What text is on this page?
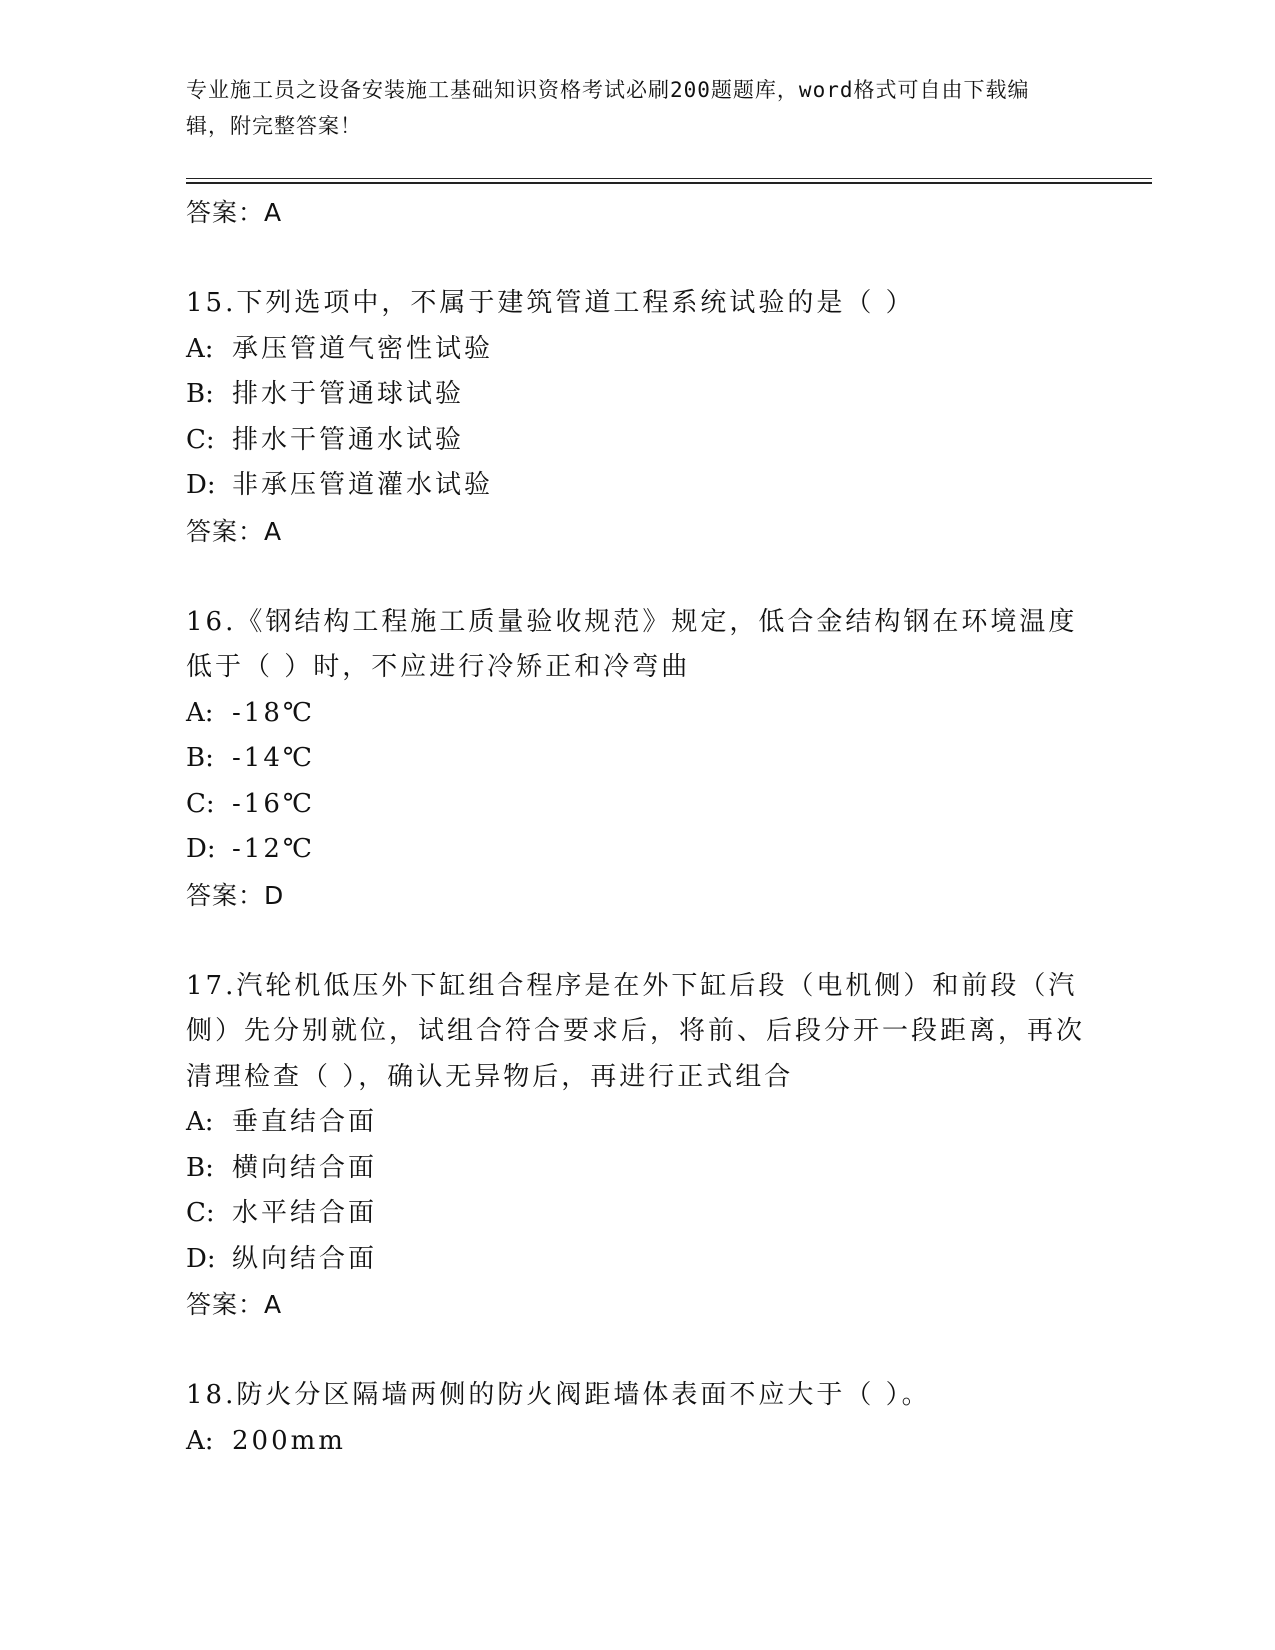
专业施工员之设备安装施工基础知识资格考试必刷200题题库，word格式可自由下载编辑，附完整答案！
答案：A
15.下列选项中，不属于建筑管道工程系统试验的是（ ）
A: 承压管道气密性试验
B: 排水于管通球试验
C: 排水干管通水试验
D: 非承压管道灌水试验
答案：A
16.《钢结构工程施工质量验收规范》规定，低合金结构钢在环境温度低于（ ）时，不应进行冷矫正和冷弯曲
A: -18℃
B: -14℃
C: -16℃
D: -12℃
答案：D
17.汽轮机低压外下缸组合程序是在外下缸后段（电机侧）和前段（汽侧）先分别就位，试组合符合要求后，将前、后段分开一段距离，再次清理检查（ ），确认无异物后，再进行正式组合
A: 垂直结合面
B: 横向结合面
C: 水平结合面
D: 纵向结合面
答案：A
18.防火分区隔墙两侧的防火阀距墙体表面不应大于（ ）。
A: 200mm
